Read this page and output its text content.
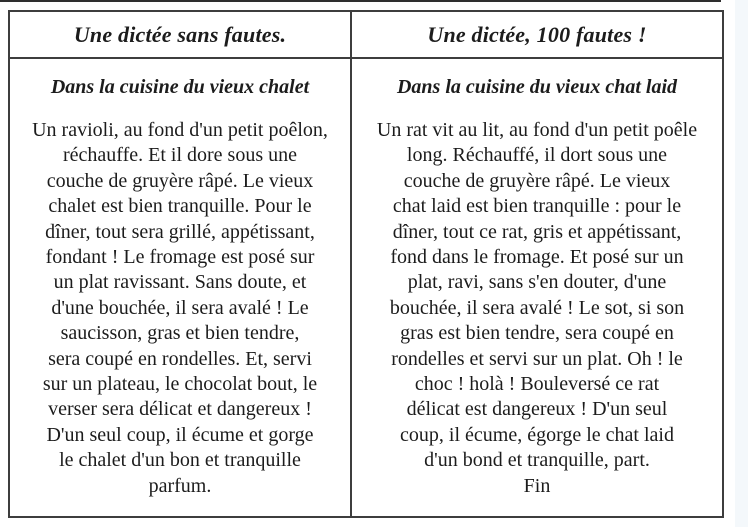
Une dictée sans fautes.	Une dictée, 100 fautes !
Dans la cuisine du vieux chalet
Un ravioli, au fond d'un petit poêlon,
réchauffe. Et il dore sous une
couche de gruyère râpé. Le vieux
chalet est bien tranquille. Pour le
dîner, tout sera grillé, appétissant,
fondant ! Le fromage est posé sur
un plat ravissant. Sans doute, et
d'une bouchée, il sera avalé ! Le
saucisson, gras et bien tendre,
sera coupé en rondelles. Et, servi
sur un plateau, le chocolat bout, le
verser sera délicat et dangereux !
D'un seul coup, il écume et gorge
le chalet d'un bon et tranquille
parfum.
Dans la cuisine du vieux chat laid
Un rat vit au lit, au fond d'un petit poêle
long. Réchauffé, il dort sous une
couche de gruyère râpé. Le vieux
chat laid est bien tranquille : pour le
dîner, tout ce rat, gris et appétissant,
fond dans le fromage. Et posé sur un
plat, ravi, sans s'en douter, d'une
bouchée, il sera avalé ! Le sot, si son
gras est bien tendre, sera coupé en
rondelles et servi sur un plat. Oh ! le
choc ! holà ! Bouleversé ce rat
délicat est dangereux ! D'un seul
coup, il écume, égorge le chat laid
d'un bond et tranquille, part.
Fin
